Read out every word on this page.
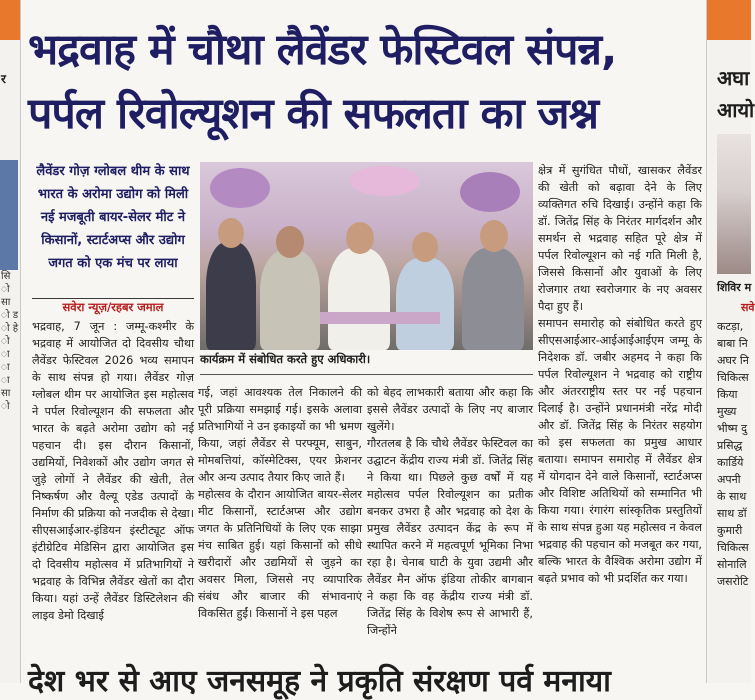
र
सि ो सा ो ड ो हे ो ा ा ा सा ो
भद्रवाह में चौथा लैवेंडर फेस्टिवल संपन्न,
पर्पल रिवोल्यूशन की सफलता का जश्न
लैवेंडर गोज़ ग्लोबल थीम के साथ भारत के अरोमा उद्योग को मिली नई मजबूती बायर-सेलर मीट ने किसानों, स्टार्टअप्स और उद्योग जगत को एक मंच पर लाया
सवेरा न्यूज़/रहबर जमाल
भद्रवाह, 7 जून : जम्मू-कश्मीर के भद्रवाह में आयोजित दो दिवसीय चौथा लैवेंडर फेस्टिवल 2026 भव्य समापन के साथ संपन्न हो गया। लैवेंडर गोज़ ग्लोबल थीम पर आयोजित इस महोत्सव ने पर्पल रिवोल्यूशन की सफलता और भारत के बढ़ते अरोमा उद्योग को नई पहचान दी। इस दौरान किसानों, उद्यमियों, निवेशकों और उद्योग जगत से जुड़े लोगों ने लैवेंडर की खेती, तेल निष्कर्षण और वैल्यू एडेड उत्पादों के निर्माण की प्रक्रिया को नजदीक से देखा। सीएसआईआर-इंडियन इंस्टीट्यूट ऑफ इंटीग्रेटिव मेडिसिन द्वारा आयोजित इस दो दिवसीय महोत्सव में प्रतिभागियों ने भद्रवाह के विभिन्न लैवेंडर खेतों का दौरा किया। यहां उन्हें लैवेंडर डिस्टिलेशन की लाइव डेमो दिखाई
कार्यक्रम में संबोधित करते हुए अधिकारी।
गई, जहां आवश्यक तेल निकालने की पूरी प्रक्रिया समझाई गई। इसके अलावा प्रतिभागियों ने उन इकाइयों का भी भ्रमण किया, जहां लैवेंडर से परफ्यूम, साबुन, मोमबत्तियां, कॉस्मेटिक्स, एयर फ्रेशनर और अन्य उत्पाद तैयार किए जाते हैं।
महोत्सव के दौरान आयोजित बायर-सेलर मीट किसानों, स्टार्टअप्स और उद्योग जगत के प्रतिनिधियों के लिए एक साझा मंच साबित हुई। यहां किसानों को सीधे खरीदारों और उद्यमियों से जुड़ने का अवसर मिला, जिससे नए व्यापारिक संबंध और बाजार की संभावनाएं विकसित हुईं। किसानों ने इस पहल
को बेहद लाभकारी बताया और कहा कि इससे लैवेंडर उत्पादों के लिए नए बाजार खुलेंगे।
गौरतलब है कि चौथे लैवेंडर फेस्टिवल का उद्घाटन केंद्रीय राज्य मंत्री डॉ. जितेंद्र सिंह ने किया था। पिछले कुछ वर्षों में यह महोत्सव पर्पल रिवोल्यूशन का प्रतीक बनकर उभरा है और भद्रवाह को देश के प्रमुख लैवेंडर उत्पादन केंद्र के रूप में स्थापित करने में महत्वपूर्ण भूमिका निभा रहा है। चेनाब घाटी के युवा उद्यमी और लैवेंडर मैन ऑफ इंडिया तोकीर बागबान ने कहा कि वह केंद्रीय राज्य मंत्री डॉ. जितेंद्र सिंह के विशेष रूप से आभारी हैं, जिन्होंने
क्षेत्र में सुगंधित पौधों, खासकर लैवेंडर की खेती को बढ़ावा देने के लिए व्यक्तिगत रुचि दिखाई। उन्होंने कहा कि डॉ. जितेंद्र सिंह के निरंतर मार्गदर्शन और समर्थन से भद्रवाह सहित पूरे क्षेत्र में पर्पल रिवोल्यूशन को नई गति मिली है, जिससे किसानों और युवाओं के लिए रोजगार तथा स्वरोजगार के नए अवसर पैदा हुए हैं।
समापन समारोह को संबोधित करते हुए सीएसआईआर-आईआईआईएम जम्मू के निदेशक डॉ. जबीर अहमद ने कहा कि पर्पल रिवोल्यूशन ने भद्रवाह को राष्ट्रीय और अंतरराष्ट्रीय स्तर पर नई पहचान दिलाई है। उन्होंने प्रधानमंत्री नरेंद्र मोदी और डॉ. जितेंद्र सिंह के निरंतर सहयोग को इस सफलता का प्रमुख आधार बताया। समापन समारोह में लैवेंडर क्षेत्र में योगदान देने वाले किसानों, स्टार्टअप्स और विशिष्ट अतिथियों को सम्मानित भी किया गया। रंगारंग सांस्कृतिक प्रस्तुतियों के साथ संपन्न हुआ यह महोत्सव न केवल भद्रवाह की पहचान को मजबूत कर गया, बल्कि भारत के वैश्विक अरोमा उद्योग में बढ़ते प्रभाव को भी प्रदर्शित कर गया।
अघा
आयो
शिविर म
सवे
कटड़ा, बाबा नि अघर नि चिकित्स किया मुख्य भीष्म दु प्रसिद्ध कार्डिये अपनी के साथ साथ डॉ कुमारी चिकित्स सोनालि जसरोटि
देश भर से आए जनसमूह ने प्रकृति संरक्षण पर्व मनाया
